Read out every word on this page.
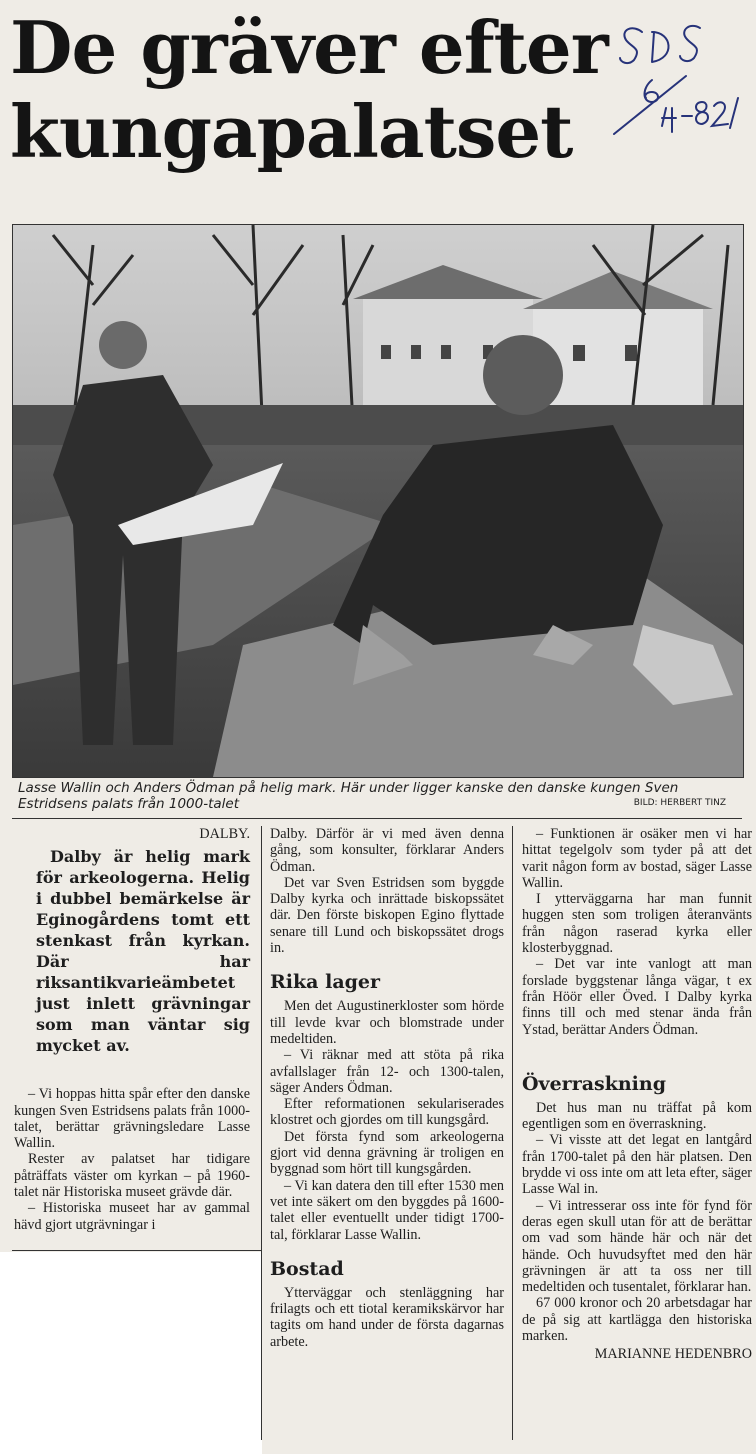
De gräver efter kungapalatset
Lasse Wallin och Anders Ödman på helig mark. Här under ligger kanske den danske kungen Sven Estridsens palats från 1000-talet	BILD: HERBERT TINZ

DALBY.

Dalby är helig mark för arkeologerna. Helig i dubbel bemärkelse är Eginogårdens tomt ett stenkast från kyrkan. Där har riksantikvarieämbetet just inlett grävningar som man väntar sig mycket av.

– Vi hoppas hitta spår efter den danske kungen Sven Estridsens palats från 1000-talet, berättar grävningsledare Lasse Wallin.

Rester av palatset har tidigare påträffats väster om kyrkan – på 1960-talet när Historiska museet grävde där.

– Historiska museet har av gammal hävd gjort utgrävningar i

Dalby. Därför är vi med även denna gång, som konsulter, förklarar Anders Ödman.

Det var Sven Estridsen som byggde Dalby kyrka och inrättade biskopssätet där. Den förste biskopen Egino flyttade senare till Lund och biskopssätet drogs in.

Rika lager

Men det Augustinerkloster som hörde till levde kvar och blomstrade under medeltiden.

– Vi räknar med att stöta på rika avfallslager från 12- och 1300-talen, säger Anders Ödman.

Efter reformationen sekulariserades klostret och gjordes om till kungsgård.

Det första fynd som arkeologerna gjort vid denna grävning är troligen en byggnad som hört till kungsgården.

– Vi kan datera den till efter 1530 men vet inte säkert om den byggdes på 1600-talet eller eventuellt under tidigt 1700-tal, förklarar Lasse Wallin.

Bostad

Ytterväggar och stenläggning har frilagts och ett tiotal keramikskärvor har tagits om hand under de första dagarnas arbete.

– Funktionen är osäker men vi har hittat tegelgolv som tyder på att det varit någon form av bostad, säger Lasse Wallin.

I ytterväggarna har man funnit huggen sten som troligen återanvänts från någon raserad kyrka eller klosterbyggnad.

– Det var inte vanlogt att man forslade byggstenar långa vägar, t ex från Höör eller Öved. I Dalby kyrka finns till och med stenar ända från Ystad, berättar Anders Ödman.

Överraskning

Det hus man nu träffat på kom egentligen som en överraskning.

– Vi visste att det legat en lantgård från 1700-talet på den här platsen. Den brydde vi oss inte om att leta efter, säger Lasse Wal in.

– Vi intresserar oss inte för fynd för deras egen skull utan för att de berättar om vad som hände här och när det hände. Och huvudsyftet med den här grävningen är att ta oss ner till medeltiden och tusentalet, förklarar han.

67 000 kronor och 20 arbetsdagar har de på sig att kartlägga den historiska marken.

MARIANNE HEDENBRO
